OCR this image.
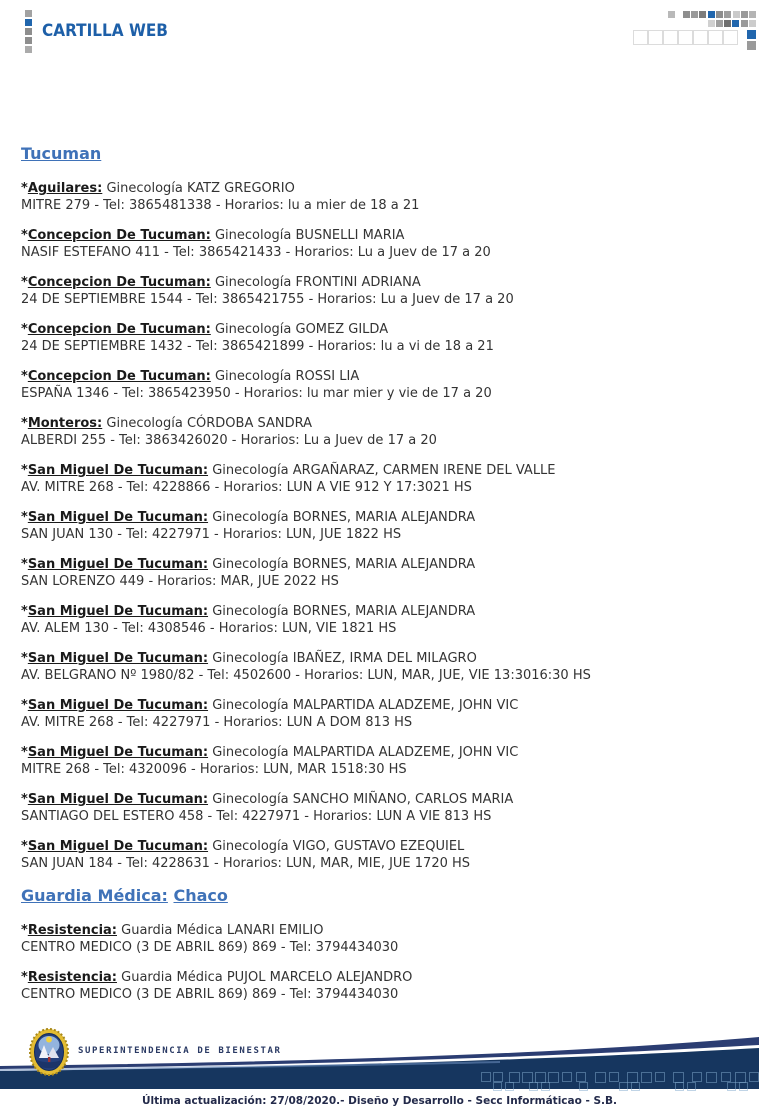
CARTILLA WEB
Tucuman

*Aguilares: Ginecología KATZ GREGORIO
MITRE 279 - Tel: 3865481338 - Horarios: lu a mier de 18 a 21

*Concepcion De Tucuman: Ginecología BUSNELLI MARIA
NASIF ESTEFANO 411 - Tel: 3865421433 - Horarios: Lu a Juev de 17 a 20

*Concepcion De Tucuman: Ginecología FRONTINI ADRIANA
24 DE SEPTIEMBRE 1544 - Tel: 3865421755 - Horarios: Lu a Juev de 17 a 20

*Concepcion De Tucuman: Ginecología GOMEZ GILDA
24 DE SEPTIEMBRE 1432 - Tel: 3865421899 - Horarios: lu a vi de 18 a 21

*Concepcion De Tucuman: Ginecología ROSSI LIA
ESPAÑA 1346 - Tel: 3865423950 - Horarios: lu mar mier y vie de 17 a 20

*Monteros: Ginecología CÓRDOBA SANDRA
ALBERDI 255 - Tel: 3863426020 - Horarios: Lu a Juev de 17 a 20

*San Miguel De Tucuman: Ginecología ARGAÑARAZ, CARMEN IRENE DEL VALLE
AV. MITRE 268 - Tel: 4228866 - Horarios: LUN A VIE 912 Y 17:3021 HS

*San Miguel De Tucuman: Ginecología BORNES, MARIA ALEJANDRA
SAN JUAN 130 - Tel: 4227971 - Horarios: LUN, JUE 1822 HS

*San Miguel De Tucuman: Ginecología BORNES, MARIA ALEJANDRA
SAN LORENZO 449 - Horarios: MAR, JUE 2022 HS

*San Miguel De Tucuman: Ginecología BORNES, MARIA ALEJANDRA
AV. ALEM 130 - Tel: 4308546 - Horarios: LUN, VIE 1821 HS

*San Miguel De Tucuman: Ginecología IBAÑEZ, IRMA DEL MILAGRO
AV. BELGRANO Nº 1980/82 - Tel: 4502600 - Horarios: LUN, MAR, JUE, VIE 13:3016:30 HS

*San Miguel De Tucuman: Ginecología MALPARTIDA ALADZEME, JOHN VIC
AV. MITRE 268 - Tel: 4227971 - Horarios: LUN A DOM 813 HS

*San Miguel De Tucuman: Ginecología MALPARTIDA ALADZEME, JOHN VIC
MITRE 268 - Tel: 4320096 - Horarios: LUN, MAR 1518:30 HS

*San Miguel De Tucuman: Ginecología SANCHO MIÑANO, CARLOS MARIA
SANTIAGO DEL ESTERO 458 - Tel: 4227971 - Horarios: LUN A VIE 813 HS

*San Miguel De Tucuman: Ginecología VIGO, GUSTAVO EZEQUIEL
SAN JUAN 184 - Tel: 4228631 - Horarios: LUN, MAR, MIE, JUE 1720 HS

Guardia Médica: Chaco

*Resistencia: Guardia Médica LANARI EMILIO
CENTRO MEDICO (3 DE ABRIL 869) 869 - Tel: 3794434030

*Resistencia: Guardia Médica PUJOL MARCELO ALEJANDRO
CENTRO MEDICO (3 DE ABRIL 869) 869 - Tel: 3794434030

SUPERINTENDENCIA DE BIENESTAR
Última actualización: 27/08/2020.- Diseño y Desarrollo - Secc Informáticao - S.B.
